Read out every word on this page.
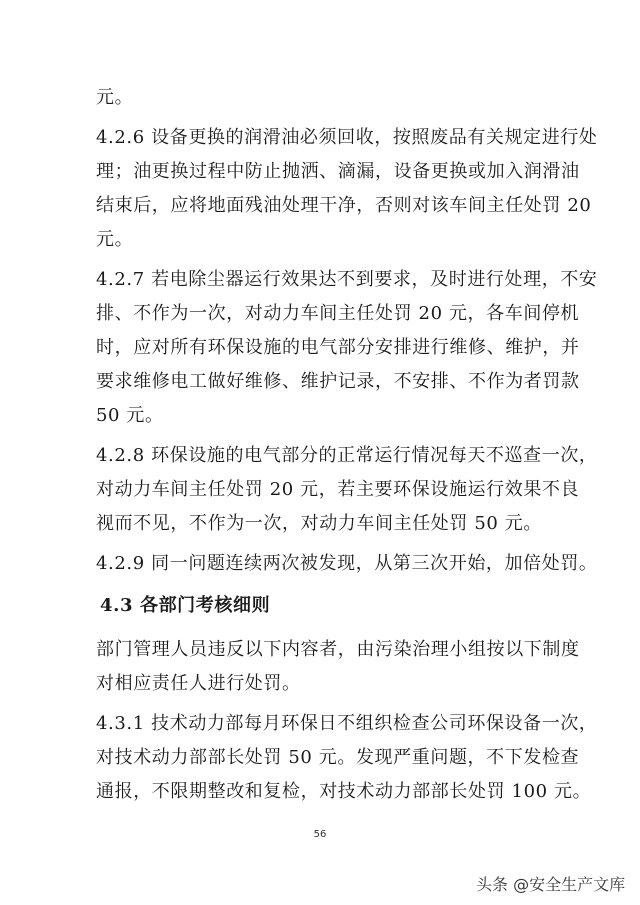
元。
4.2.6 设备更换的润滑油必须回收，按照废品有关规定进行处
理；油更换过程中防止抛洒、滴漏，设备更换或加入润滑油
结束后，应将地面残油处理干净，否则对该车间主任处罚 20
元。
4.2.7 若电除尘器运行效果达不到要求，及时进行处理，不安
排、不作为一次，对动力车间主任处罚 20 元，各车间停机
时，应对所有环保设施的电气部分安排进行维修、维护，并
要求维修电工做好维修、维护记录，不安排、不作为者罚款
50 元。
4.2.8 环保设施的电气部分的正常运行情况每天不巡查一次，
对动力车间主任处罚 20 元，若主要环保设施运行效果不良
视而不见，不作为一次，对动力车间主任处罚 50 元。
4.2.9 同一问题连续两次被发现，从第三次开始，加倍处罚。
4.3 各部门考核细则
部门管理人员违反以下内容者，由污染治理小组按以下制度
对相应责任人进行处罚。
4.3.1 技术动力部每月环保日不组织检查公司环保设备一次，
对技术动力部部长处罚 50 元。发现严重问题，不下发检查
通报，不限期整改和复检，对技术动力部部长处罚 100 元。
56
头条 @安全生产文库
